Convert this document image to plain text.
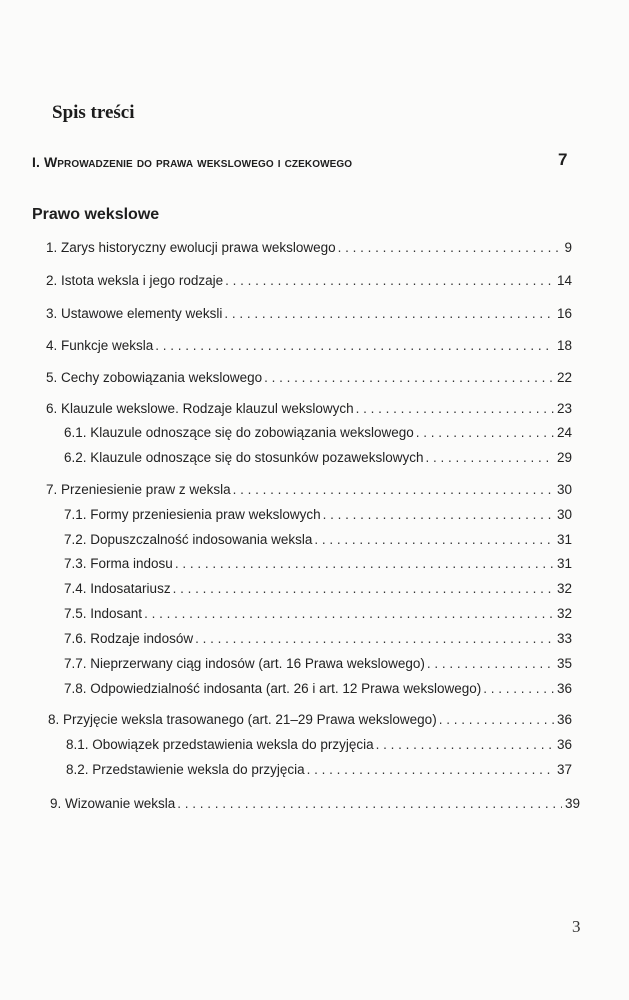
Spis treści
I. Wprowadzenie do prawa wekslowego i czekowego	7
Prawo wekslowe
1. Zarys historyczny ewolucji prawa wekslowego . . .	9
2. Istota weksla i jego rodzaje . . .	14
3. Ustawowe elementy weksli . . .	16
4. Funkcje weksla . . .	18
5. Cechy zobowiązania wekslowego . . .	22
6. Klauzule wekslowe. Rodzaje klauzul wekslowych . . .	23
6.1. Klauzule odnoszące się do zobowiązania wekslowego . . .	24
6.2. Klauzule odnoszące się do stosunków pozawekslowych . . .	29
7. Przeniesienie praw z weksla . . .	30
7.1. Formy przeniesienia praw wekslowych . . .	30
7.2. Dopuszczalność indosowania weksla . . .	31
7.3. Forma indosu . . .	31
7.4. Indosatariusz . . .	32
7.5. Indosant . . .	32
7.6. Rodzaje indosów . . .	33
7.7. Nieprzerwany ciąg indosów (art. 16 Prawa wekslowego) . . .	35
7.8. Odpowiedzialność indosanta (art. 26 i art. 12 Prawa wekslowego) . . .	36
8. Przyjęcie weksla trasowanego (art. 21–29 Prawa wekslowego) . . .	36
8.1. Obowiązek przedstawienia weksla do przyjęcia . . .	36
8.2. Przedstawienie weksla do przyjęcia . . .	37
9. Wizowanie weksla . . .	39
3
